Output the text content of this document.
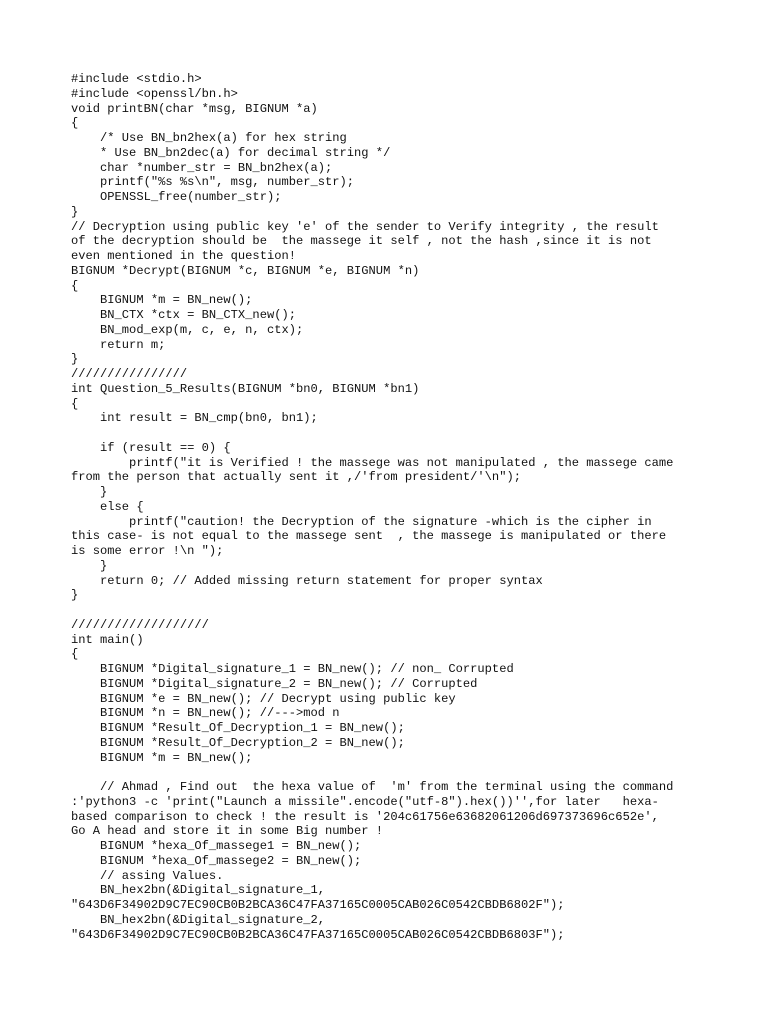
#include <stdio.h>
#include <openssl/bn.h>
void printBN(char *msg, BIGNUM *a)
{
/* Use BN_bn2hex(a) for hex string
* Use BN_bn2dec(a) for decimal string */
char *number_str = BN_bn2hex(a);
printf("%s %s\n", msg, number_str);
OPENSSL_free(number_str);
}
// Decryption using public key 'e' of the sender to Verify integrity , the result
of the decryption should be  the massege it self , not the hash ,since it is not
even mentioned in the question!
BIGNUM *Decrypt(BIGNUM *c, BIGNUM *e, BIGNUM *n)
{
BIGNUM *m = BN_new();
BN_CTX *ctx = BN_CTX_new();
BN_mod_exp(m, c, e, n, ctx);
return m;
}
////////////////
int Question_5_Results(BIGNUM *bn0, BIGNUM *bn1)
{
int result = BN_cmp(bn0, bn1);
if (result == 0) {
printf("it is Verified ! the massege was not manipulated , the massege came
from the person that actually sent it ,/'from president/'\n");
}
else {
printf("caution! the Decryption of the signature -which is the cipher in
this case- is not equal to the massege sent  , the massege is manipulated or there
is some error !\n ");
}
return 0; // Added missing return statement for proper syntax
}
///////////////////
int main()
{
BIGNUM *Digital_signature_1 = BN_new(); // non_ Corrupted
BIGNUM *Digital_signature_2 = BN_new(); // Corrupted
BIGNUM *e = BN_new(); // Decrypt using public key
BIGNUM *n = BN_new(); //--->mod n
BIGNUM *Result_Of_Decryption_1 = BN_new();
BIGNUM *Result_Of_Decryption_2 = BN_new();
BIGNUM *m = BN_new();
// Ahmad , Find out  the hexa value of  'm' from the terminal using the command
:'python3 -c 'print("Launch a missile".encode("utf-8").hex())'',for later   hexa-
based comparison to check ! the result is '204c61756e63682061206d697373696c652e',
Go A head and store it in some Big number !
BIGNUM *hexa_Of_massege1 = BN_new();
BIGNUM *hexa_Of_massege2 = BN_new();
// assing Values.
BN_hex2bn(&Digital_signature_1,
"643D6F34902D9C7EC90CB0B2BCA36C47FA37165C0005CAB026C0542CBDB6802F");
BN_hex2bn(&Digital_signature_2,
"643D6F34902D9C7EC90CB0B2BCA36C47FA37165C0005CAB026C0542CBDB6803F");
